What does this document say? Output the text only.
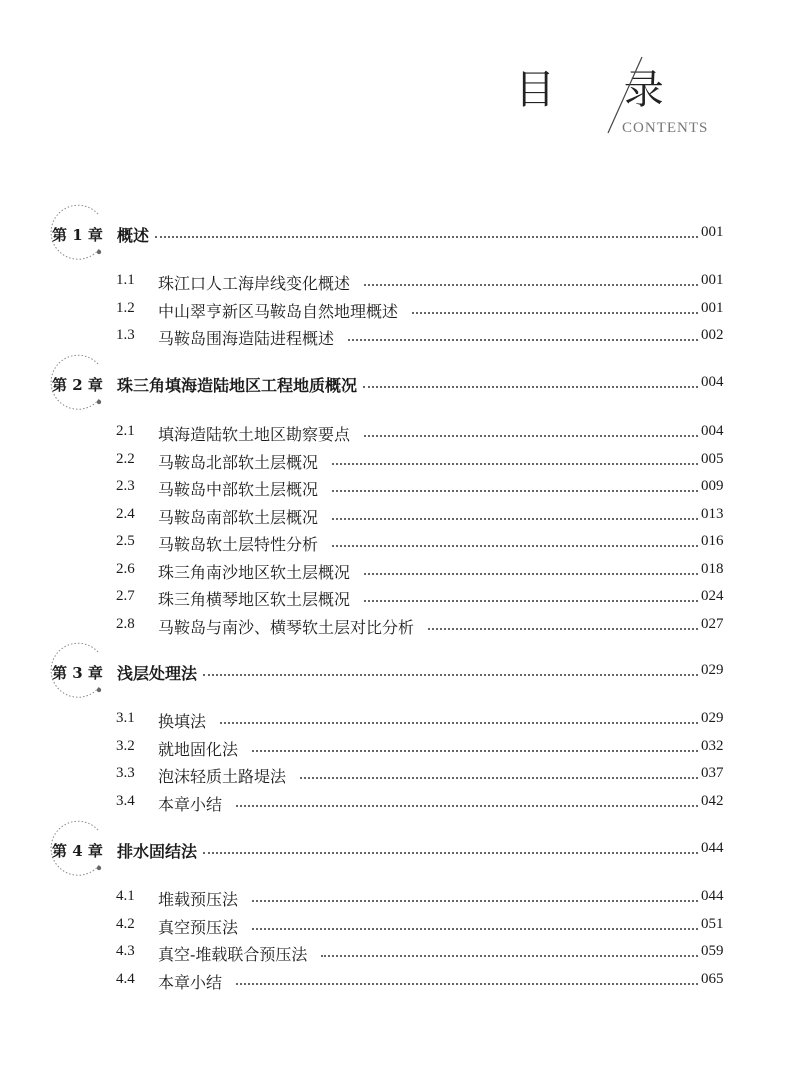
目 录
CONTENTS
第 1 章 概述	001
1.1 珠江口人工海岸线变化概述	001
1.2 中山翠亨新区马鞍岛自然地理概述	001
1.3 马鞍岛围海造陆进程概述	002
第 2 章 珠三角填海造陆地区工程地质概况	004
2.1 填海造陆软土地区勘察要点	004
2.2 马鞍岛北部软土层概况	005
2.3 马鞍岛中部软土层概况	009
2.4 马鞍岛南部软土层概况	013
2.5 马鞍岛软土层特性分析	016
2.6 珠三角南沙地区软土层概况	018
2.7 珠三角横琴地区软土层概况	024
2.8 马鞍岛与南沙、横琴软土层对比分析	027
第 3 章 浅层处理法	029
3.1 换填法	029
3.2 就地固化法	032
3.3 泡沫轻质土路堤法	037
3.4 本章小结	042
第 4 章 排水固结法	044
4.1 堆载预压法	044
4.2 真空预压法	051
4.3 真空-堆载联合预压法	059
4.4 本章小结	065
